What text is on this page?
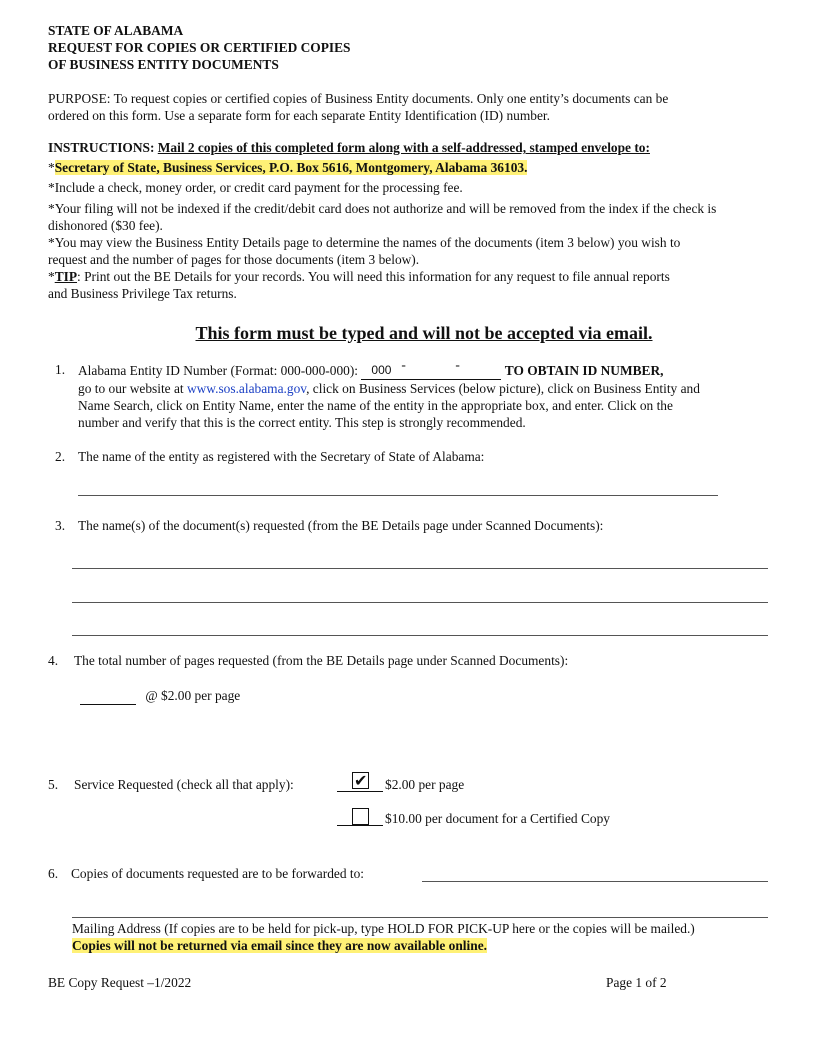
STATE OF ALABAMA
REQUEST FOR COPIES OR CERTIFIED COPIES
OF BUSINESS ENTITY DOCUMENTS
PURPOSE: To request copies or certified copies of Business Entity documents. Only one entity’s documents can be
ordered on this form. Use a separate form for each separate Entity Identification (ID) number.
INSTRUCTIONS: Mail 2 copies of this completed form along with a self-addressed, stamped envelope to:
*Secretary of State, Business Services, P.O. Box 5616, Montgomery, Alabama 36103.
*Include a check, money order, or credit card payment for the processing fee.
*Your filing will not be indexed if the credit/debit card does not authorize and will be removed from the index if the check is
dishonored ($30 fee).
*You may view the Business Entity Details page to determine the names of the documents (item 3 below) you wish to
request and the number of pages for those documents (item 3 below).
*TIP: Print out the BE Details for your records. You will need this information for any request to file annual reports
and Business Privilege Tax returns.
This form must be typed and will not be accepted via email.
1. Alabama Entity ID Number (Format: 000-000-000): 000 -	-	TO OBTAIN ID NUMBER,
go to our website at www.sos.alabama.gov, click on Business Services (below picture), click on Business Entity and
Name Search, click on Entity Name, enter the name of the entity in the appropriate box, and enter. Click on the
number and verify that this is the correct entity. This step is strongly recommended.
2. The name of the entity as registered with the Secretary of State of Alabama:
3. The name(s) of the document(s) requested (from the BE Details page under Scanned Documents):
4. The total number of pages requested (from the BE Details page under Scanned Documents):
@ $2.00 per page
5. Service Requested (check all that apply):	✔ $2.00 per page
$10.00 per document for a Certified Copy
6. Copies of documents requested are to be forwarded to:
Mailing Address (If copies are to be held for pick-up, type HOLD FOR PICK-UP here or the copies will be mailed.)
Copies will not be returned via email since they are now available online.
BE Copy Request –1/2022	Page 1 of 2
